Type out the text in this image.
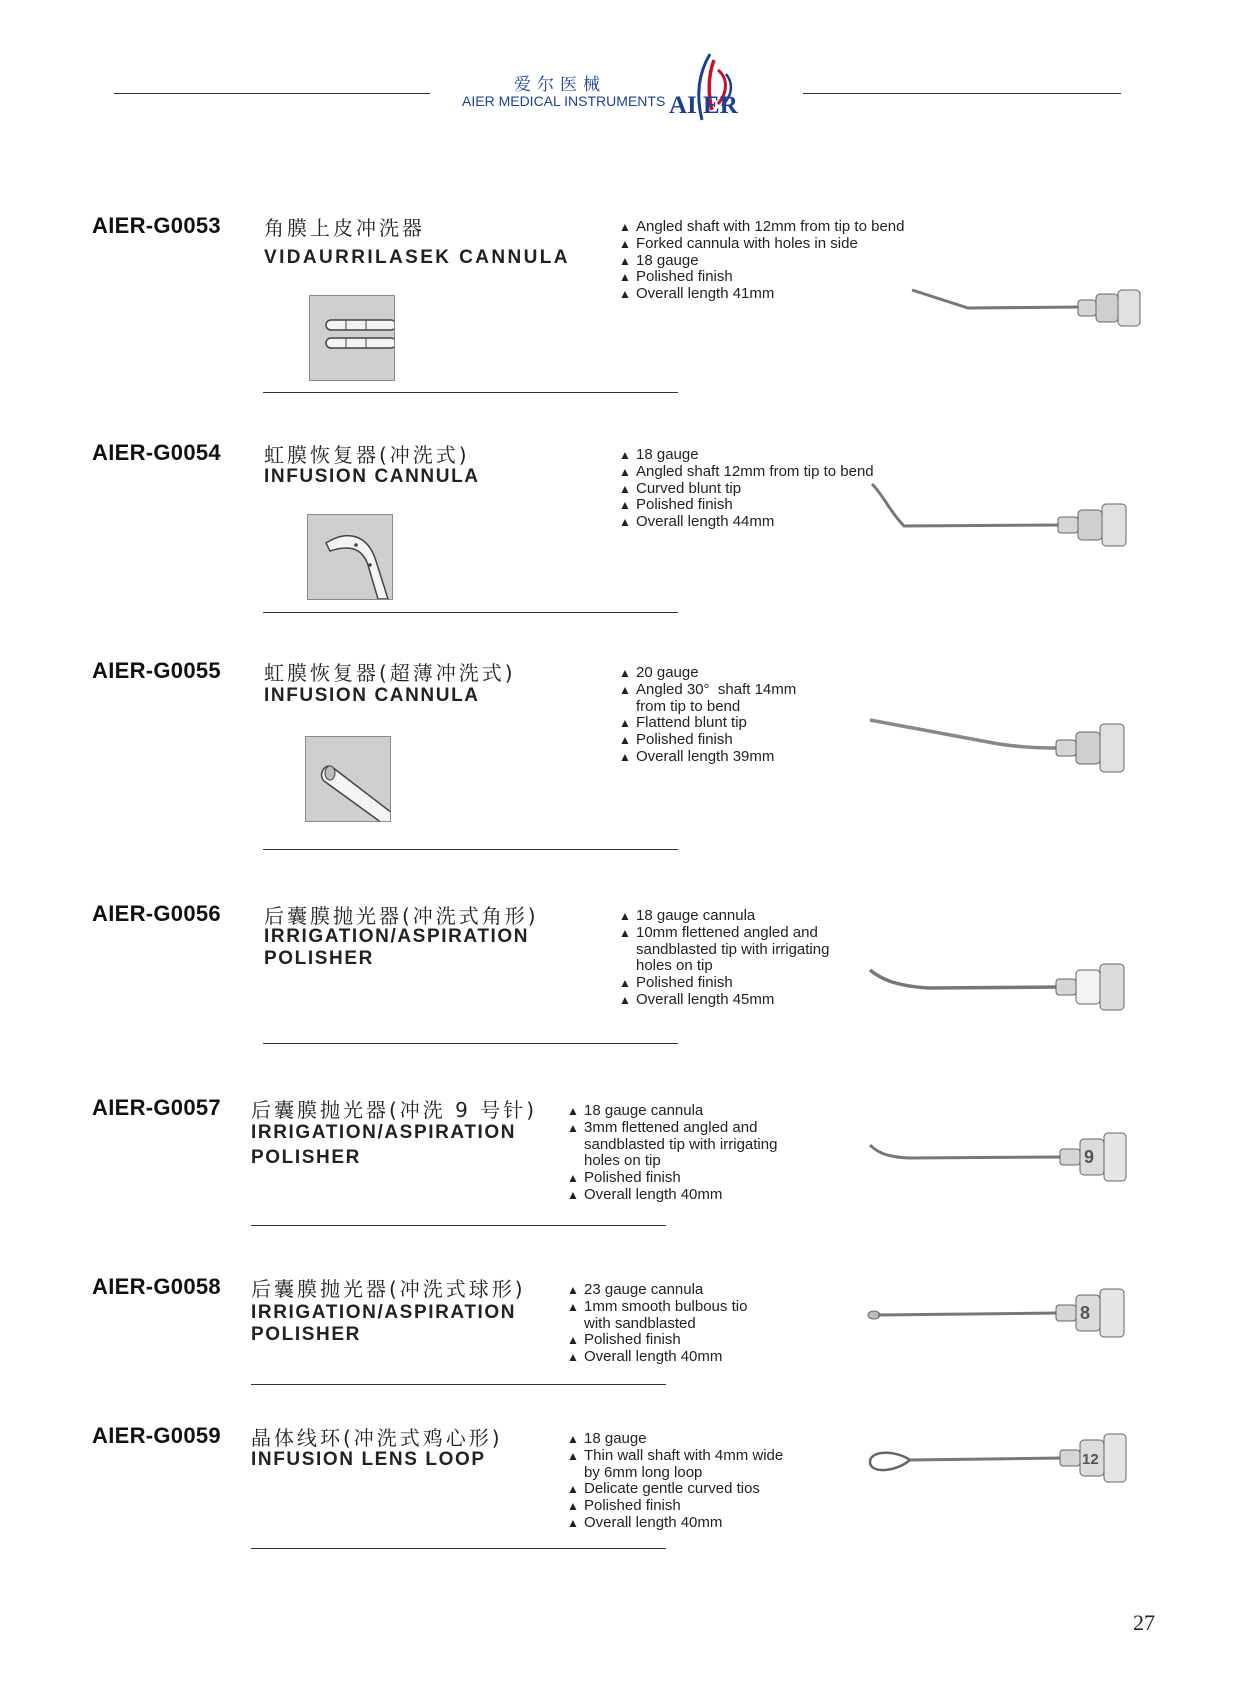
爱尔医械
AIER MEDICAL INSTRUMENTS AI ER
AIER-G0053 角膜上皮冲洗器
VIDAURRILASEK CANNULA
▲ Angled shaft with 12mm from tip to bend
▲ Forked cannula with holes in side
▲ 18 gauge
▲ Polished finish
▲ Overall length 41mm
AIER-G0054 虹膜恢复器(冲洗式)
INFUSION CANNULA
▲ 18 gauge
▲ Angled shaft 12mm from tip to bend
▲ Curved blunt tip
▲ Polished finish
▲ Overall length 44mm
AIER-G0055 虹膜恢复器(超薄冲洗式)
INFUSION CANNULA
▲ 20 gauge
▲ Angled 30°  shaft 14mm
from tip to bend
▲ Flattend blunt tip
▲ Polished finish
▲ Overall length 39mm
AIER-G0056 后囊膜抛光器(冲洗式角形)
IRRIGATION/ASPIRATION POLISHER
▲ 18 gauge cannula
▲ 10mm flettened angled and
sandblasted tip with irrigating
holes on tip
▲ Polished finish
▲ Overall length 45mm
AIER-G0057 后囊膜抛光器(冲洗 9 号针)
IRRIGATION/ASPIRATION POLISHER
▲ 18 gauge cannula
▲ 3mm flettened angled and
sandblasted tip with irrigating
holes on tip
▲ Polished finish
▲ Overall length 40mm
9
AIER-G0058 后囊膜抛光器(冲洗式球形)
IRRIGATION/ASPIRATION POLISHER
▲ 23 gauge cannula
▲ 1mm smooth bulbous tio
with sandblasted
▲ Polished finish
▲ Overall length 40mm
8
AIER-G0059 晶体线环(冲洗式鸡心形)
INFUSION LENS LOOP
▲ 18 gauge
▲ Thin wall shaft with 4mm wide
by 6mm long loop
▲ Delicate gentle curved tios
▲ Polished finish
▲ Overall length 40mm
12
27
